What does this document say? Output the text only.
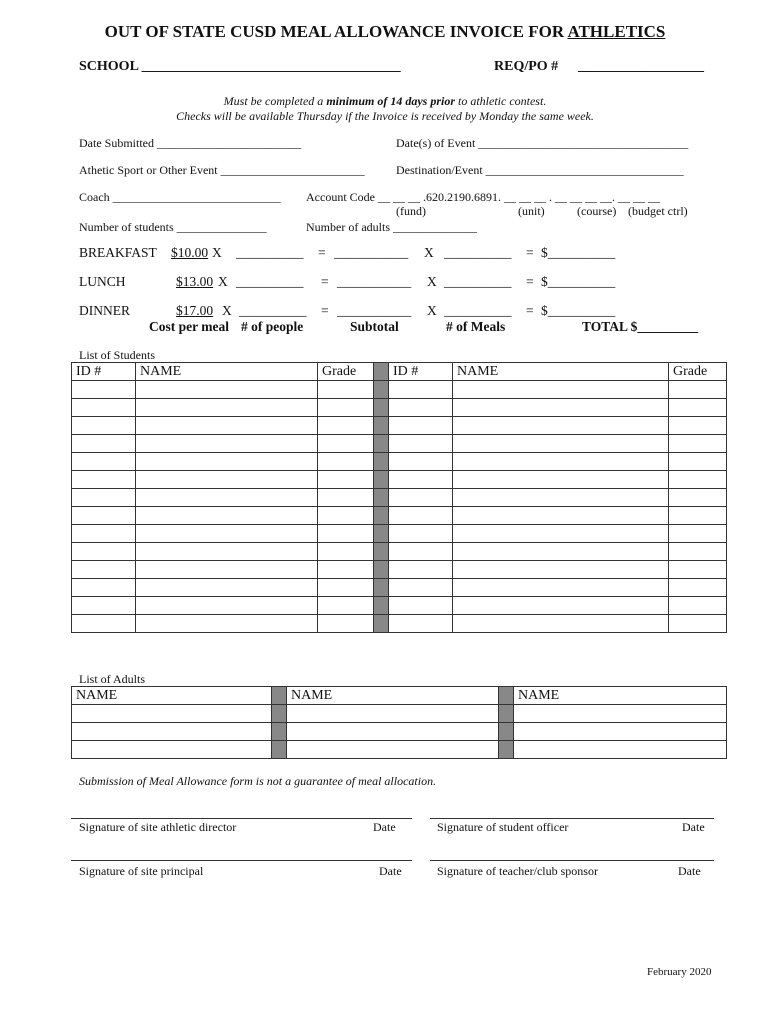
OUT OF STATE CUSD MEAL ALLOWANCE INVOICE FOR ATHLETICS
SCHOOL _____________________________________	REQ/PO # __________________
Must be completed a minimum of 14 days prior to athletic contest.
Checks will be available Thursday if the Invoice is received by Monday the same week.
Date Submitted ________________________	Date(s) of Event ___________________________________
Athetic Sport or Other Event ________________________	Destination/Event _________________________________
Coach ____________________________ Account Code __ __ __ .620.2190.6891. __ __ __ . __ __ __ __. __ __ __
(fund)	(unit)	(course) (budget ctrl)
Number of students _______________	Number of adults ______________
BREAKFAST $10.00 X __________ = ___________ X __________ = $__________
LUNCH	$13.00 X __________ = ___________ X __________ = $__________
DINNER	$17.00 X __________ = ___________ X __________ = $__________
Cost per meal # of people	Subtotal	# of Meals	TOTAL $_________
List of Students
ID #	NAME	Grade		ID #	NAME	Grade

List of Adults
NAME		NAME		NAME

Submission of Meal Allowance form is not a guarantee of meal allocation.
Signature of site athletic director	Date	Signature of student officer	Date
Signature of site principal	Date	Signature of teacher/club sponsor	Date
February 2020
